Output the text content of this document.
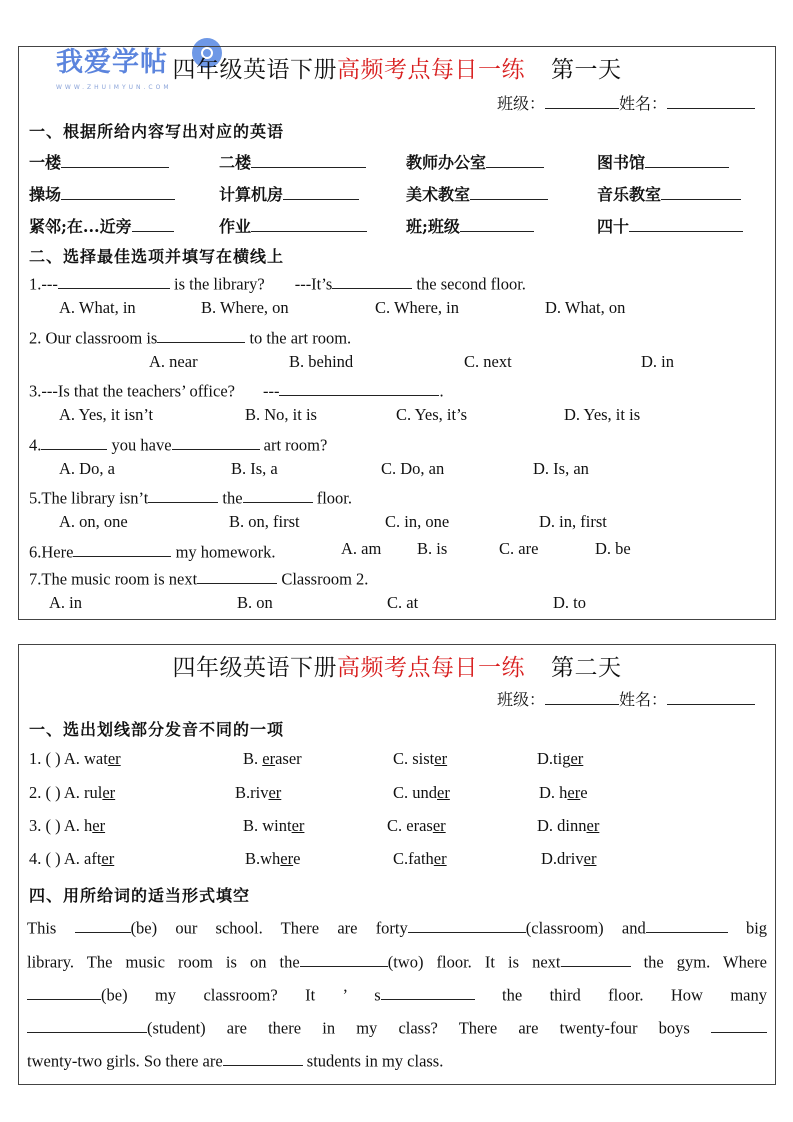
我爱学帖
WWW.ZHUIMYUN.COM
四年级英语下册高频考点每日一练 第一天
班级：	姓名：
一、根据所给内容写出对应的英语
一楼	二楼	教师办公室	图书馆
操场	计算机房	美术教室	音乐教室
紧邻;在...近旁	作业	班;班级	四十
二、选择最佳选项并填写在横线上
1.---	is the library? ---It’s	the second floor.
A. What, in	B. Where, on	C. Where, in	D. What, on
2. Our classroom is	to the art room.
A. near	B. behind	C. next	D. in
3.---Is that the teachers’ office? ---	.
A. Yes, it isn’t	B. No, it is	C. Yes, it’s	D. Yes, it is
4.	you have	art room?
A. Do, a	B. Is, a	C. Do, an	D. Is, an
5.The library isn’t	the	floor.
A. on, one	B. on, first	C. in, one	D. in, first
6.Here	my homework.	A. am B. is	C. are	D. be
7.The music room is next	Classroom 2.
A. in	B. on	C. at	D. to
四年级英语下册高频考点每日一练 第二天
班级：	姓名：
一、选出划线部分发音不同的一项
1. ( ) A. water	B. eraser	C. sister	D.tiger
2. ( ) A. ruler	B.river	C. under	D. here
3. ( ) A. her	B. winter	C. eraser	D. dinner
4. ( ) A. after	B.where	C.father	D.driver
四、用所给词的适当形式填空
This	(be) our school. There are forty	(classroom) and	big
library. The music room is on the	(two) floor. It is next	the gym. Where
(be) my classroom? It ’ s	the third floor. How many
(student) are there in my class? There are twenty-four boys
twenty-two girls. So there are	students in my class.
